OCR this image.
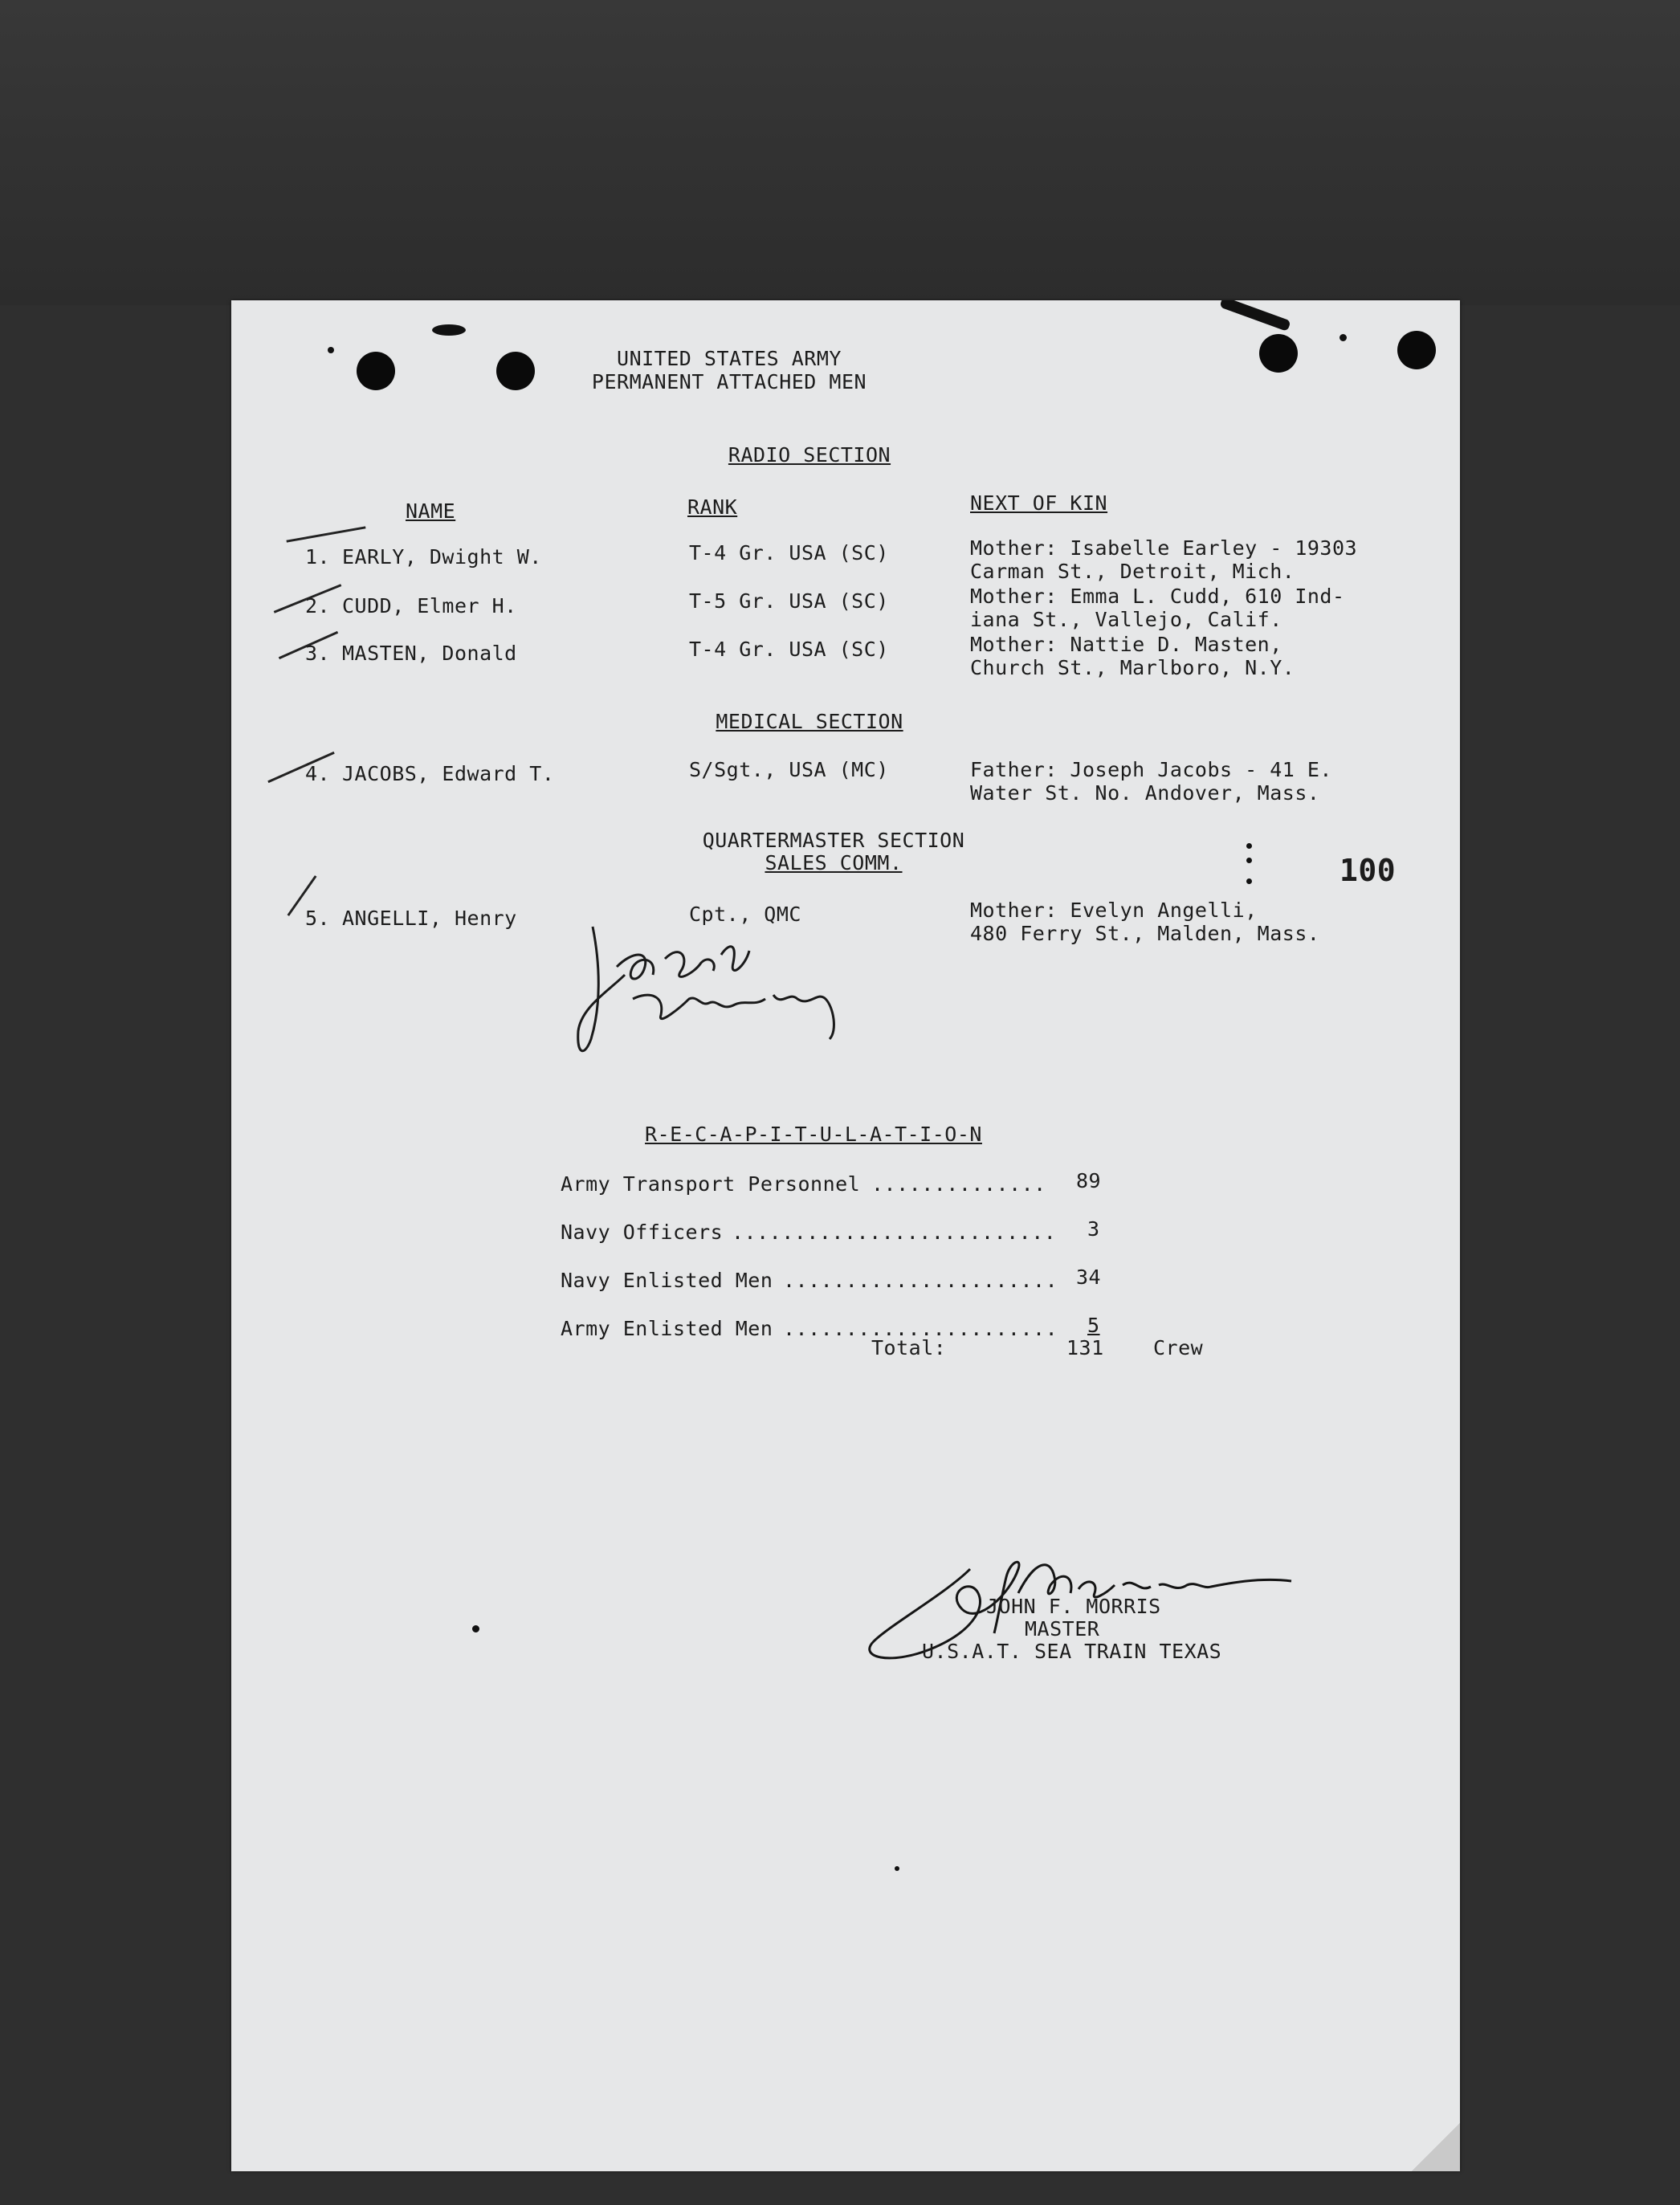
UNITED STATES ARMY
PERMANENT ATTACHED MEN
RADIO SECTION
NAME	RANK	NEXT OF KIN
1. EARLY, Dwight W.	T-4 Gr. USA (SC)	Mother: Isabelle Earley - 19303
Carman St., Detroit, Mich.
2. CUDD, Elmer H.	T-5 Gr. USA (SC)	Mother: Emma L. Cudd, 610 Ind-
iana St., Vallejo, Calif.
3. MASTEN, Donald	T-4 Gr. USA (SC)	Mother: Nattie D. Masten,
Church St., Marlboro, N.Y.
MEDICAL SECTION
4. JACOBS, Edward T.	S/Sgt., USA (MC)	Father: Joseph Jacobs - 41 E.
Water St. No. Andover, Mass.
QUARTERMASTER SECTION
SALES COMM.	100
5. ANGELLI, Henry	Cpt., QMC	Mother: Evelyn Angelli,
480 Ferry St., Malden, Mass.
J.B. Hand Immi Insp
R-E-C-A-P-I-T-U-L-A-T-I-O-N
Army Transport Personnel .............. 89
Navy Officers .......................... 3
Navy Enlisted Men ...................... 34
Army Enlisted Men ...................... 5
Total:	131 Crew
J.F. Morris
JOHN F. MORRIS
MASTER
U.S.A.T. SEA TRAIN TEXAS
